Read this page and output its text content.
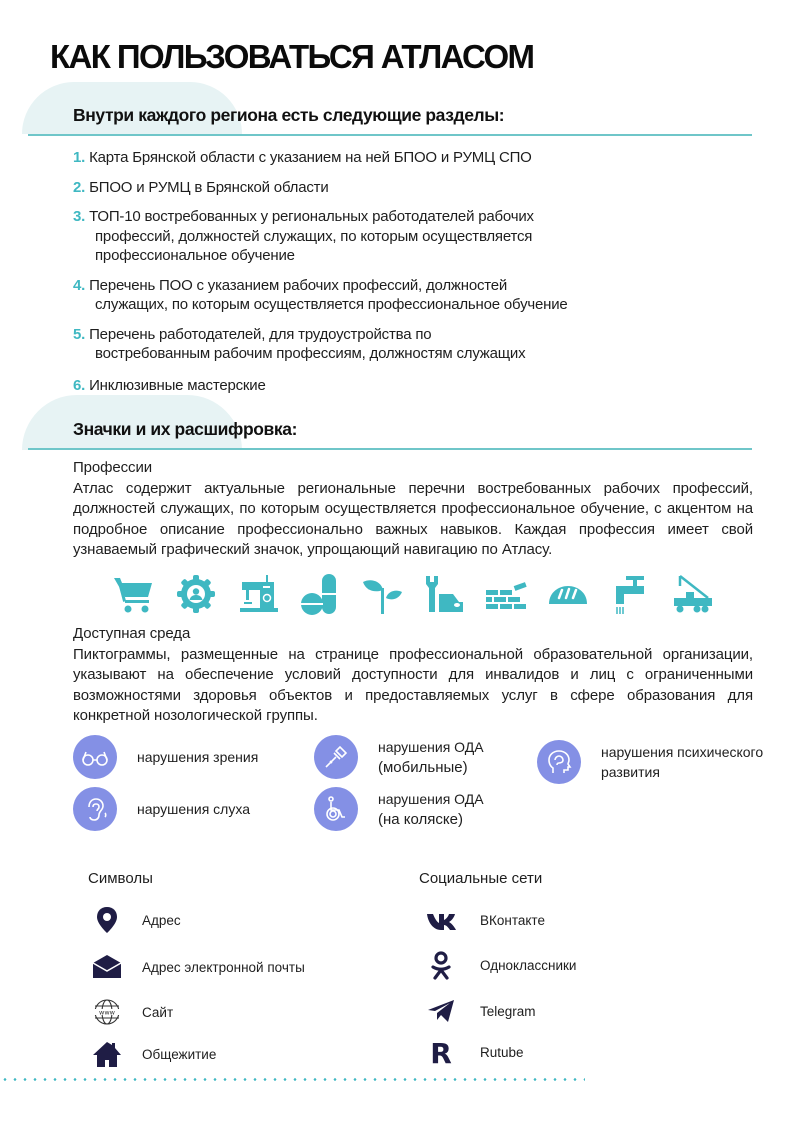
КАК ПОЛЬЗОВАТЬСЯ АТЛАСОМ
Внутри каждого региона есть следующие разделы:
1. Карта Брянской области с указанием на ней БПОО и РУМЦ СПО
2. БПОО и РУМЦ в Брянской области
3. ТОП-10 востребованных у региональных работодателей рабочих
профессий, должностей служащих, по которым осуществляется
профессиональное обучение
4. Перечень ПОО с указанием рабочих профессий, должностей
служащих, по которым осуществляется профессиональное обучение
5. Перечень работодателей, для трудоустройства по
востребованным рабочим профессиям, должностям служащих
6. Инклюзивные мастерские
Значки и их расшифровка:
Профессии
Атлас содержит актуальные региональные перечни востребованных рабочих профессий, должностей служащих, по которым осуществляется профессиональное обучение, с акцентом на подробное описание профессионально важных навыков. Каждая профессия имеет свой узнаваемый графический значок, упрощающий навигацию по Атласу.
Доступная среда
Пиктограммы, размещенные на странице профессиональной образовательной организации, указывают на обеспечение условий доступности для инвалидов и лиц с ограниченными возможностями здоровья объектов и предоставляемых услуг в сфере образования для конкретной нозологической группы.
нарушения зрения
нарушения слуха
нарушения ОДА
(мобильные)
нарушения ОДА
(на коляске)
нарушения психического
развития
Символы
Адрес
Адрес электронной почты
www Сайт
Общежитие
Социальные сети
ВКонтакте
Одноклассники
Telegram
R Rutube
